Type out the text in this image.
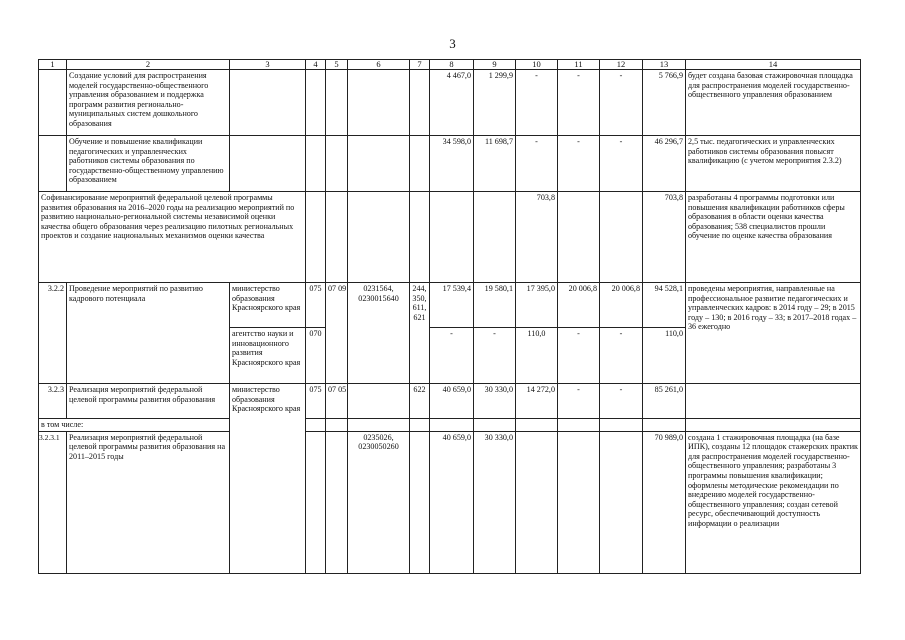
3
1	2	3	4	5	6	7	8	9	10	11	12	13	14
	Создание условий для распространения моделей государственно-общественного управления образованием и поддержка программ развития регионально-муниципальных систем дошкольного образования						4 467,0	1 299,9	-	-	-	5 766,9	будет создана базовая стажировочная площадка для распространения моделей государственно-общественного управления образованием
	Обучение и повышение квалификации педагогических и управленческих работников системы образования по государственно-общественному управлению образованием						34 598,0	11 698,7	-	-	-	46 296,7	2,5 тыс. педагогических и управленческих работников системы образования повысят квалификацию (с учетом мероприятия 2.3.2)
Софинансирование мероприятий федеральной целевой программы развития образования на 2016–2020 годы на реализацию мероприятий по развитию национально-региональной системы независимой оценки качества общего образования через реализацию пилотных региональных проектов и создание национальных механизмов оценки качества									703,8			703,8	разработаны 4 программы подготовки или повышения квалификации работников сферы образования в области оценки качества образования; 538 специалистов прошли обучение по оценке качества образования
3.2.2	Проведение мероприятий по развитию кадрового потенциала	министерство образования Красноярского края	075	07 09	0231564, 0230015640	244, 350, 611, 621	17 539,4	19 580,1	17 395,0	20 006,8	20 006,8	94 528,1	проведены мероприятия, направленные на профессиональное развитие педагогических и управленческих кадров: в 2014 году – 29; в 2015 году – 130; в 2016 году – 33; в 2017–2018 годах – 36 ежегодно
		агентство науки и инновационного развития Красноярского края	070				-	-	110,0	-	-	110,0	
3.2.3	Реализация мероприятий федеральной целевой программы развития образования	министерство образования Красноярского края	075	07 05		622	40 659,0	30 330,0	14 272,0	-	-	85 261,0	
в том числе:													
3.2.3.1	Реализация мероприятий федеральной целевой программы развития образования на 2011–2015 годы				0235026, 0230050260		40 659,0	30 330,0				70 989,0	создана 1 стажировочная площадка (на базе ИПК), созданы 12 площадок стажерских практик для распространения моделей государственно-общественного управления; разработаны 3 программы повышения квалификации; оформлены методические рекомендации по внедрению моделей государственно-общественного управления; создан сетевой ресурс, обеспечивающий доступность информации о реализации
